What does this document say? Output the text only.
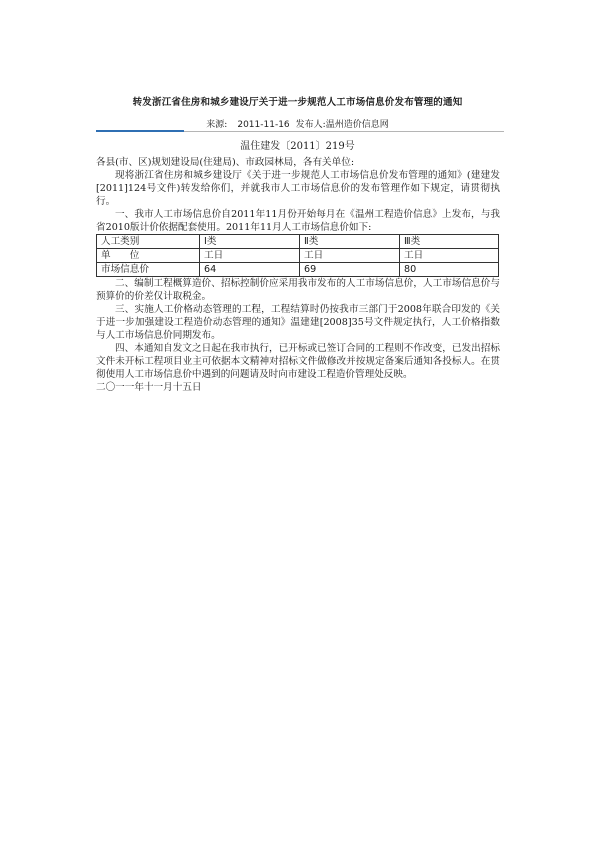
转发浙江省住房和城乡建设厅关于进一步规范人工市场信息价发布管理的通知
来源: 2011-11-16 发布人:温州造价信息网
温住建发〔2011〕219号

各县(市、区)规划建设局(住建局)、市政园林局，各有关单位:

现将浙江省住房和城乡建设厅《关于进一步规范人工市场信息价发布管理的通知》(建建发[2011]124号文件)转发给你们，并就我市人工市场信息价的发布管理作如下规定，请贯彻执行。

一、我市人工市场信息价自2011年11月份开始每月在《温州工程造价信息》上发布，与我省2010版计价依据配套使用。2011年11月人工市场信息价如下:

人工类别	Ⅰ类	Ⅱ类	Ⅲ类
单　　位	工日	工日	工日
市场信息价	64	69	80

二、编制工程概算造价、招标控制价应采用我市发布的人工市场信息价，人工市场信息价与预算价的价差仅计取税金。

三、实施人工价格动态管理的工程，工程结算时仍按我市三部门于2008年联合印发的《关于进一步加强建设工程造价动态管理的通知》温建建[2008]35号文件规定执行，人工价格指数与人工市场信息价同期发布。

四、本通知自发文之日起在我市执行，已开标或已签订合同的工程则不作改变，已发出招标文件未开标工程项目业主可依据本文精神对招标文件做修改并按规定备案后通知各投标人。在贯彻使用人工市场信息价中遇到的问题请及时向市建设工程造价管理处反映。

二〇一一年十一月十五日
